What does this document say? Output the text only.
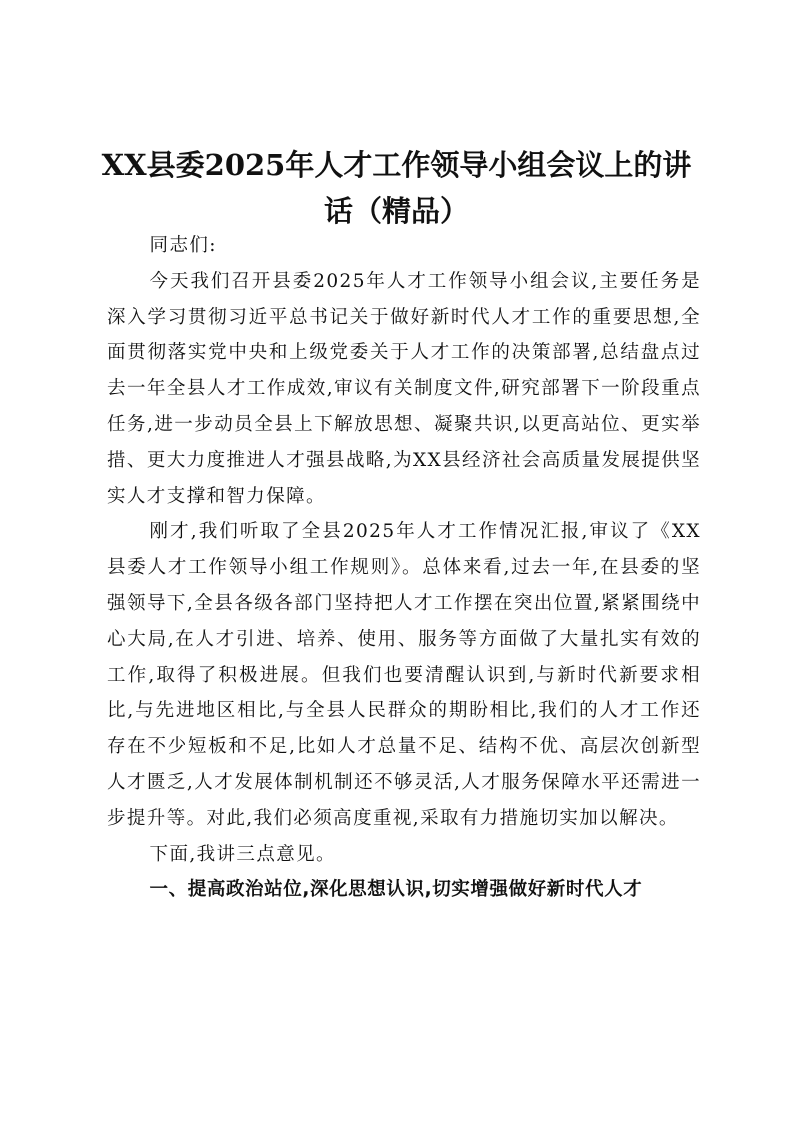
XX县委2025年人才工作领导小组会议上的讲话（精品）

同志们:

今天我们召开县委2025年人才工作领导小组会议,主要任务是深入学习贯彻习近平总书记关于做好新时代人才工作的重要思想,全面贯彻落实党中央和上级党委关于人才工作的决策部署,总结盘点过去一年全县人才工作成效,审议有关制度文件,研究部署下一阶段重点任务,进一步动员全县上下解放思想、凝聚共识,以更高站位、更实举措、更大力度推进人才强县战略,为XX县经济社会高质量发展提供坚实人才支撑和智力保障。

刚才,我们听取了全县2025年人才工作情况汇报,审议了《XX县委人才工作领导小组工作规则》。总体来看,过去一年,在县委的坚强领导下,全县各级各部门坚持把人才工作摆在突出位置,紧紧围绕中心大局,在人才引进、培养、使用、服务等方面做了大量扎实有效的工作,取得了积极进展。但我们也要清醒认识到,与新时代新要求相比,与先进地区相比,与全县人民群众的期盼相比,我们的人才工作还存在不少短板和不足,比如人才总量不足、结构不优、高层次创新型人才匮乏,人才发展体制机制还不够灵活,人才服务保障水平还需进一步提升等。对此,我们必须高度重视,采取有力措施切实加以解决。

下面,我讲三点意见。

一、提高政治站位,深化思想认识,切实增强做好新时代人才
